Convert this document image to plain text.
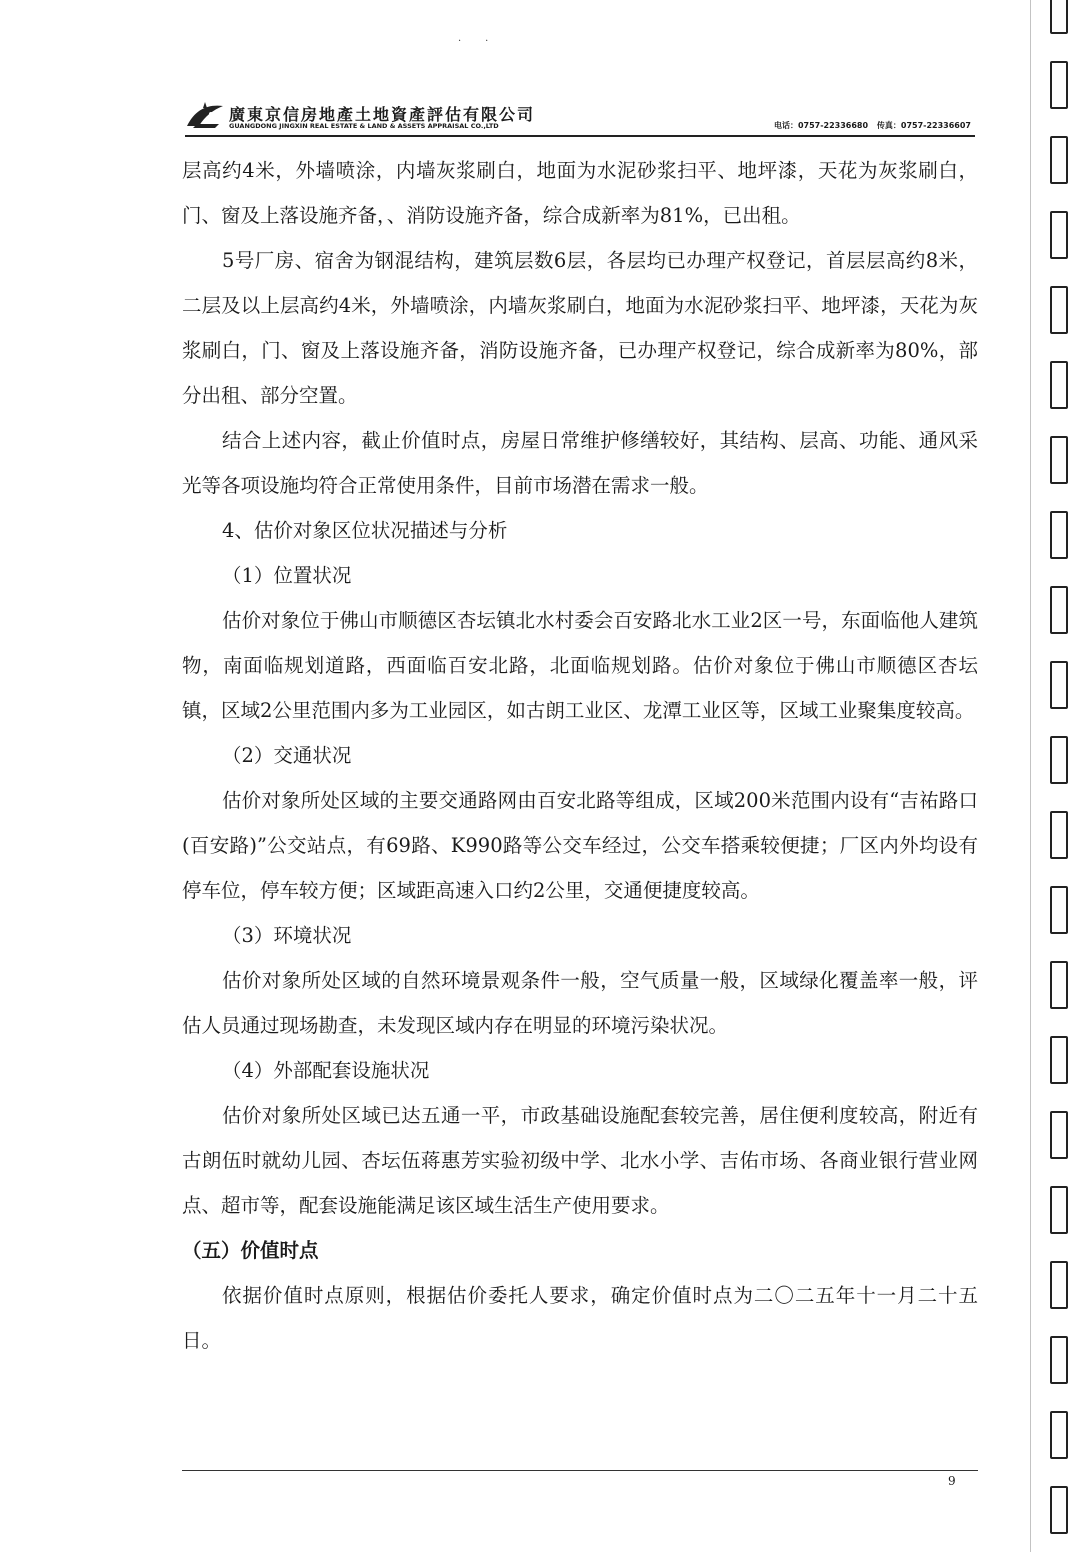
··
廣東京信房地產土地資產評估有限公司
GUANGDONG JINGXIN REAL ESTATE & LAND & ASSETS APPRAISAL CO.,LTD	电话：0757-22336680 传真：0757-22336607

层高约4米，外墙喷涂，内墙灰浆刷白，地面为水泥砂浆扫平、地坪漆，天花为灰浆刷白，门、窗及上落设施齐备，、消防设施齐备，综合成新率为81%，已出租。

5号厂房、宿舍为钢混结构，建筑层数6层，各层均已办理产权登记，首层层高约8米，二层及以上层高约4米，外墙喷涂，内墙灰浆刷白，地面为水泥砂浆扫平、地坪漆，天花为灰浆刷白，门、窗及上落设施齐备，消防设施齐备，已办理产权登记，综合成新率为80%，部分出租、部分空置。

结合上述内容，截止价值时点，房屋日常维护修缮较好，其结构、层高、功能、通风采光等各项设施均符合正常使用条件，目前市场潜在需求一般。

4、估价对象区位状况描述与分析

（1）位置状况

估价对象位于佛山市顺德区杏坛镇北水村委会百安路北水工业2区一号，东面临他人建筑物，南面临规划道路，西面临百安北路，北面临规划路。估价对象位于佛山市顺德区杏坛镇，区域2公里范围内多为工业园区，如古朗工业区、龙潭工业区等，区域工业聚集度较高。

（2）交通状况

估价对象所处区域的主要交通路网由百安北路等组成，区域200米范围内设有“吉祐路口(百安路)”公交站点，有69路、K990路等公交车经过，公交车搭乘较便捷；厂区内外均设有停车位，停车较方便；区域距高速入口约2公里，交通便捷度较高。

（3）环境状况

估价对象所处区域的自然环境景观条件一般，空气质量一般，区域绿化覆盖率一般，评估人员通过现场勘查，未发现区域内存在明显的环境污染状况。

（4）外部配套设施状况

估价对象所处区域已达五通一平，市政基础设施配套较完善，居住便利度较高，附近有古朗伍时就幼儿园、杏坛伍蒋惠芳实验初级中学、北水小学、吉佑市场、各商业银行营业网点、超市等，配套设施能满足该区域生活生产使用要求。

（五）价值时点

依据价值时点原则，根据估价委托人要求，确定价值时点为二〇二五年十一月二十五日。

9
